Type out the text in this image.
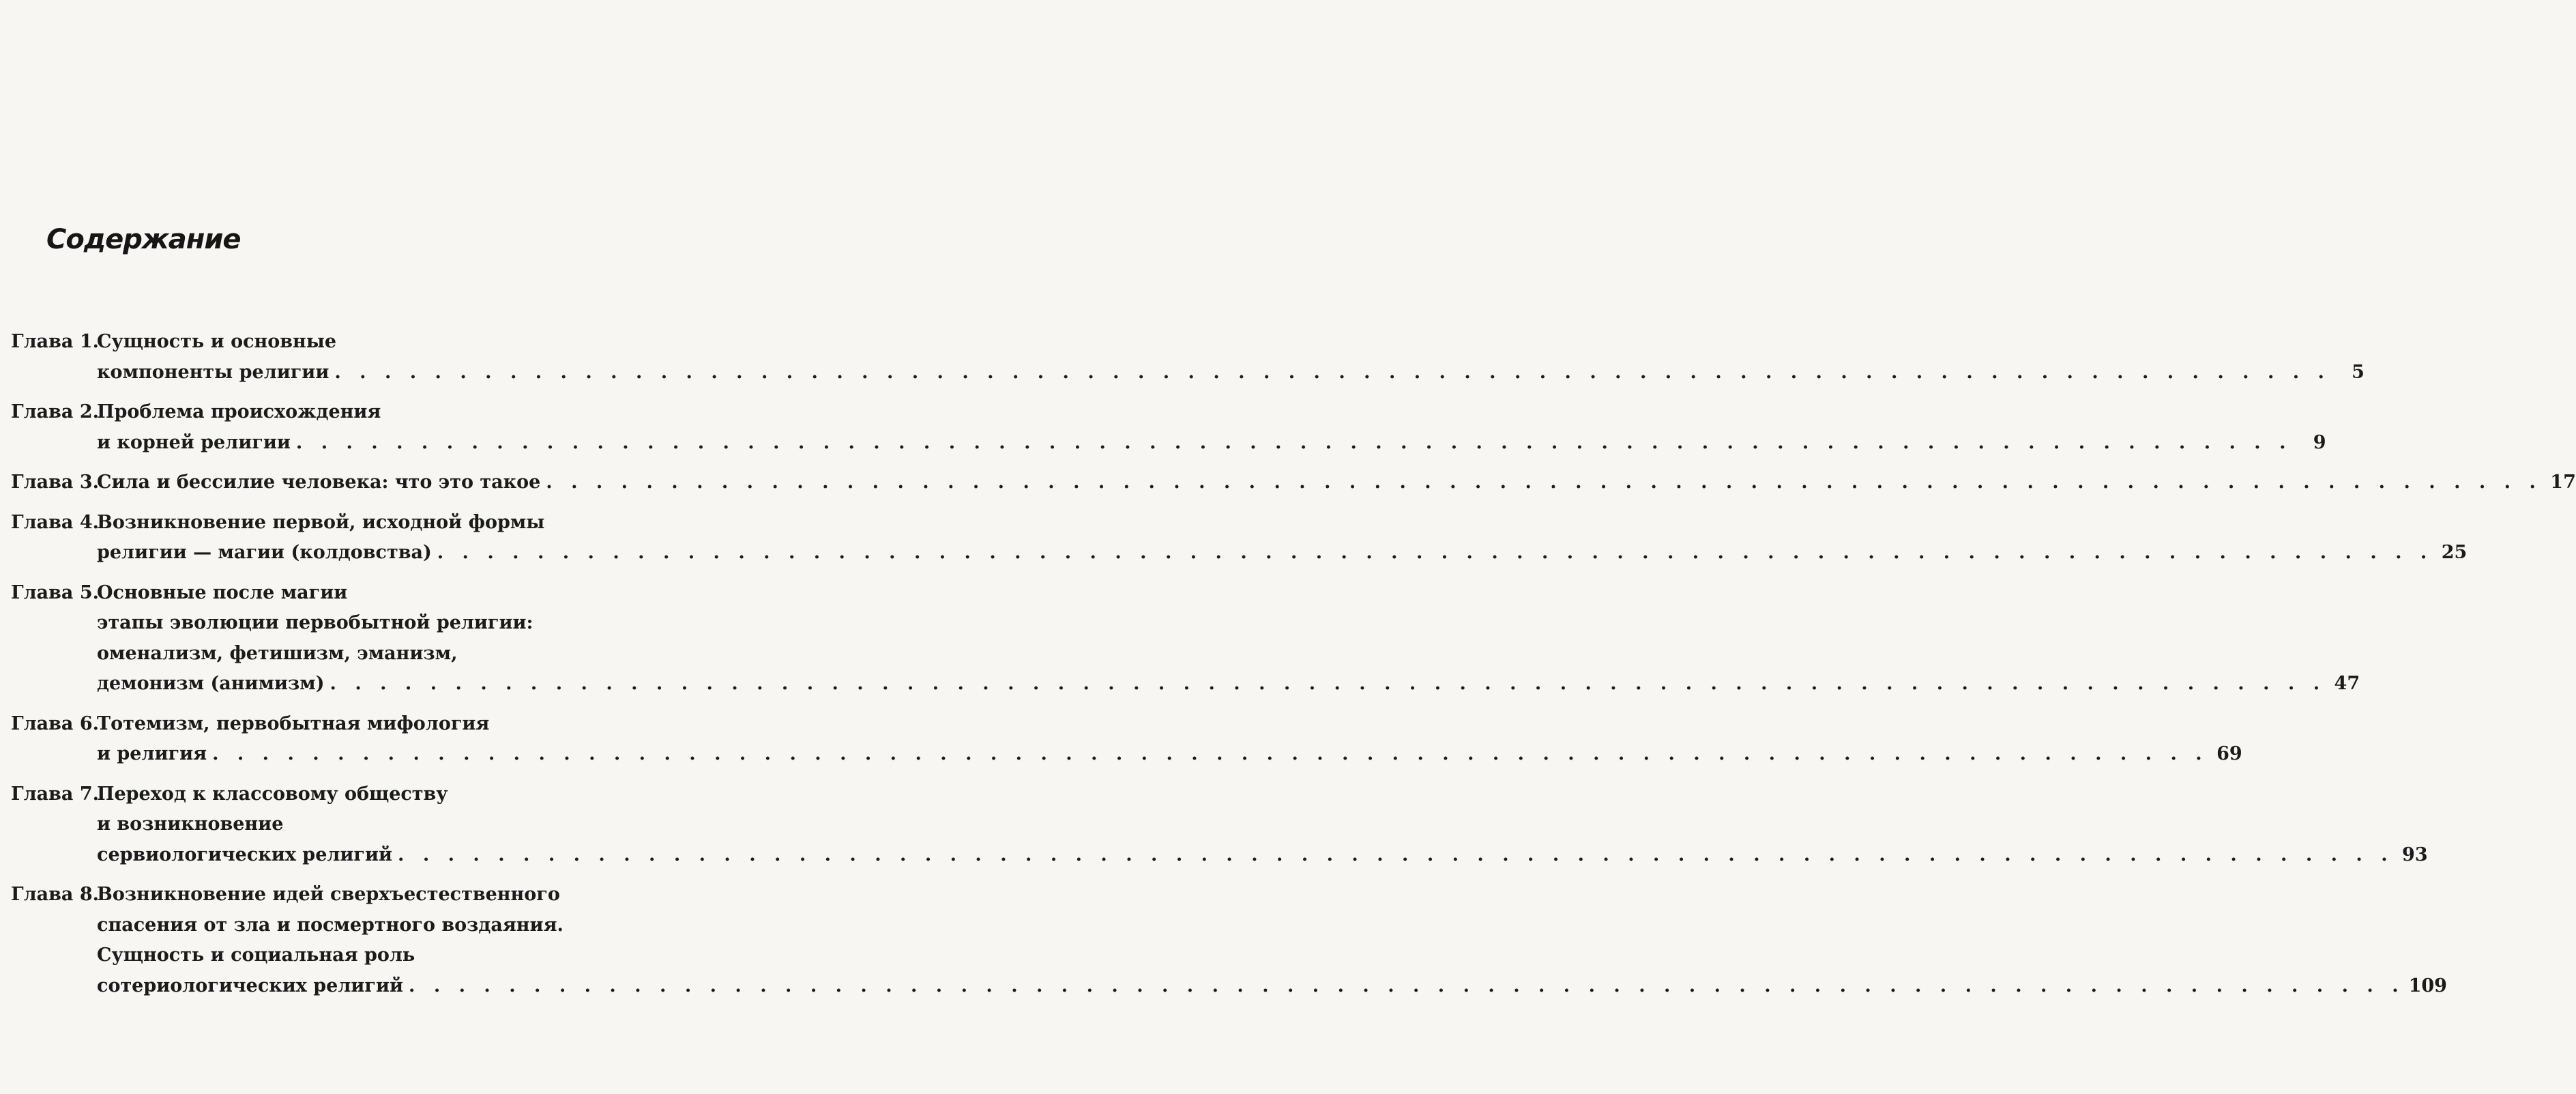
Содержание
Глава 1.
Сущность и основные
компоненты религии . . . . . . . . . . . . . . . . . . . . . . . . . . . . . . . . . . . . . . . . . . . . . . . . . . . . . . . . . . . . . . . . . . . . . . . . . . . . . . . .	5
Глава 2.
Проблема происхождения
и корней религии . . . . . . . . . . . . . . . . . . . . . . . . . . . . . . . . . . . . . . . . . . . . . . . . . . . . . . . . . . . . . . . . . . . . . . . . . . . . . . . .	9
Глава 3.
Сила и бессилие человека: что это такое . . . . . . . . . . . . . . . . . . . . . . . . . . . . . . . . . . . . . . . . . . . . . . . . . . . . . . . . . . . . . . . . . . . . . . . . . . . . . . . . 17
Глава 4.
Возникновение первой, исходной формы
религии — магии (колдовства) . . . . . . . . . . . . . . . . . . . . . . . . . . . . . . . . . . . . . . . . . . . . . . . . . . . . . . . . . . . . . . . . . . . . . . . . . . . . . . . . 25
Глава 5.
Основные после магии
этапы эволюции первобытной религии:
оменализм, фетишизм, эманизм,
демонизм (анимизм) . . . . . . . . . . . . . . . . . . . . . . . . . . . . . . . . . . . . . . . . . . . . . . . . . . . . . . . . . . . . . . . . . . . . . . . . . . . . . . . . 47
Глава 6.
Тотемизм, первобытная мифология
и религия . . . . . . . . . . . . . . . . . . . . . . . . . . . . . . . . . . . . . . . . . . . . . . . . . . . . . . . . . . . . . . . . . . . . . . . . . . . . . . . . 69
Глава 7.
Переход к классовому обществу
и возникновение
сервиологических религий . . . . . . . . . . . . . . . . . . . . . . . . . . . . . . . . . . . . . . . . . . . . . . . . . . . . . . . . . . . . . . . . . . . . . . . . . . . . . . . . 93
Глава 8.
Возникновение идей сверхъестественного
спасения от зла и посмертного воздаяния.
Сущность и социальная роль
сотериологических религий . . . . . . . . . . . . . . . . . . . . . . . . . . . . . . . . . . . . . . . . . . . . . . . . . . . . . . . . . . . . . . . . . . . . . . . . . . . . . . . . 109
